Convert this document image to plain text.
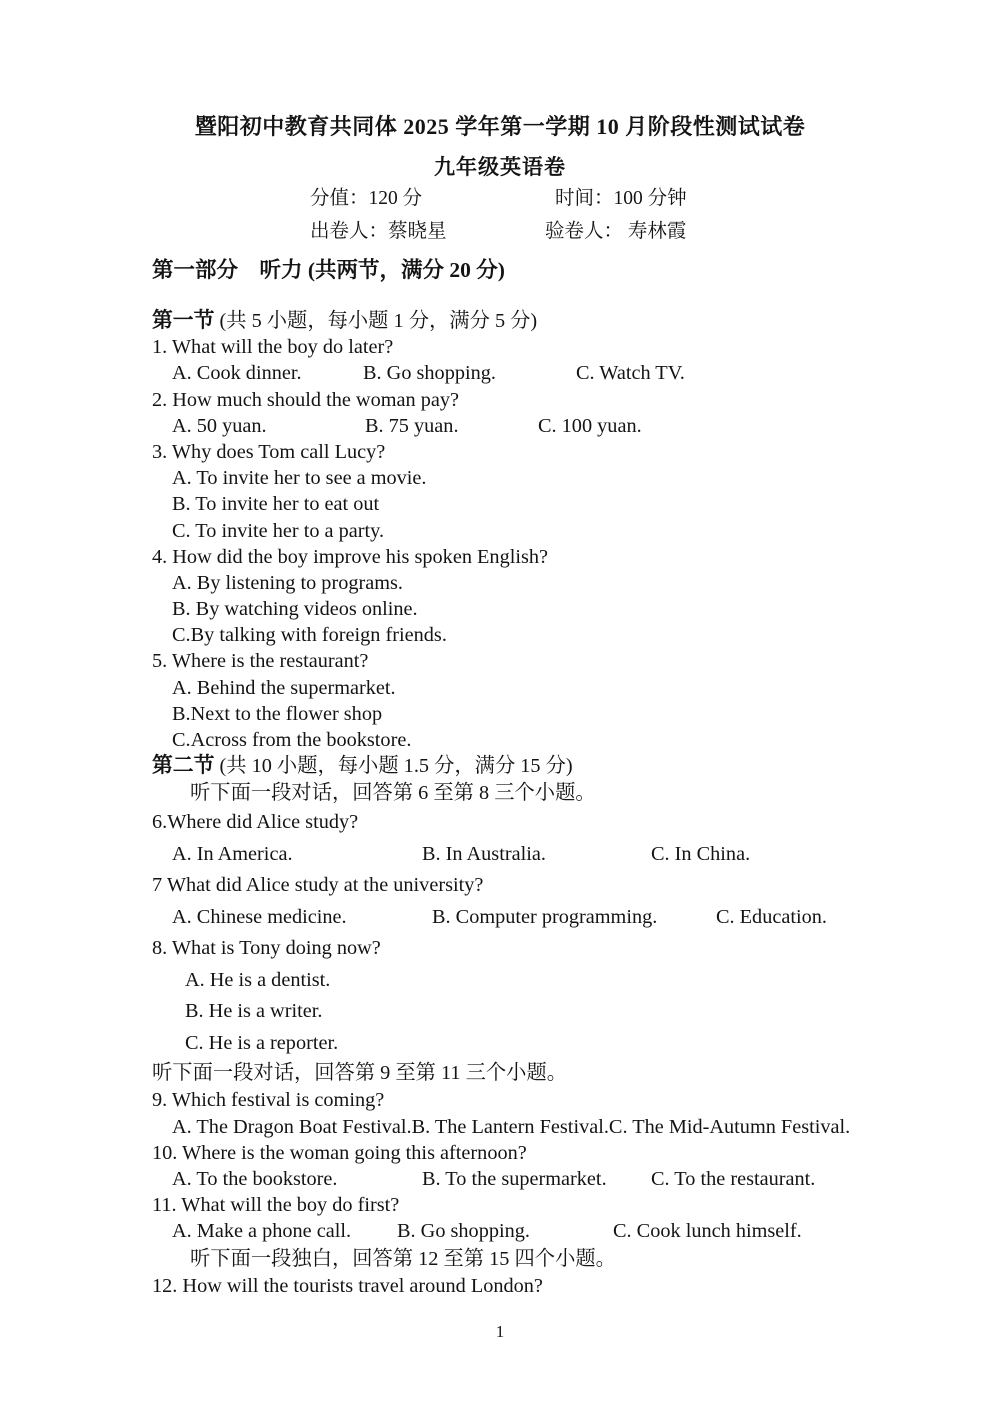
暨阳初中教育共同体 2025 学年第一学期 10 月阶段性测试试卷
九年级英语卷
分值：120 分	时间：100 分钟
出卷人：蔡晓星	验卷人： 寿林霞
第一部分　听力 (共两节，满分 20 分)
第一节 (共 5 小题，每小题 1 分，满分 5 分)
1. What will the boy do later?
A. Cook dinner.	B. Go shopping.	C. Watch TV.
2. How much should the woman pay?
A. 50 yuan.	B. 75 yuan.	C. 100 yuan.
3. Why does Tom call Lucy?
A. To invite her to see a movie.
B. To invite her to eat out
C. To invite her to a party.
4. How did the boy improve his spoken English?
A. By listening to programs.
B. By watching videos online.
C.By talking with foreign friends.
5. Where is the restaurant?
A. Behind the supermarket.
B.Next to the flower shop
C.Across from the bookstore.
第二节 (共 10 小题，每小题 1.5 分，满分 15 分)
听下面一段对话，回答第 6 至第 8 三个小题。
6.Where did Alice study?
A. In America.	B. In Australia.	C. In China.
7 What did Alice study at the university?
A. Chinese medicine.	B. Computer programming.	C. Education.
8. What is Tony doing now?
A. He is a dentist.
B. He is a writer.
C. He is a reporter.
听下面一段对话，回答第 9 至第 11 三个小题。
9. Which festival is coming?
A. The Dragon Boat Festival. B. The Lantern Festival. C. The Mid-Autumn Festival.
10. Where is the woman going this afternoon?
A. To the bookstore.	B. To the supermarket.	C. To the restaurant.
11. What will the boy do first?
A. Make a phone call.	B. Go shopping.	C. Cook lunch himself.
听下面一段独白，回答第 12 至第 15 四个小题。
12. How will the tourists travel around London?
1
